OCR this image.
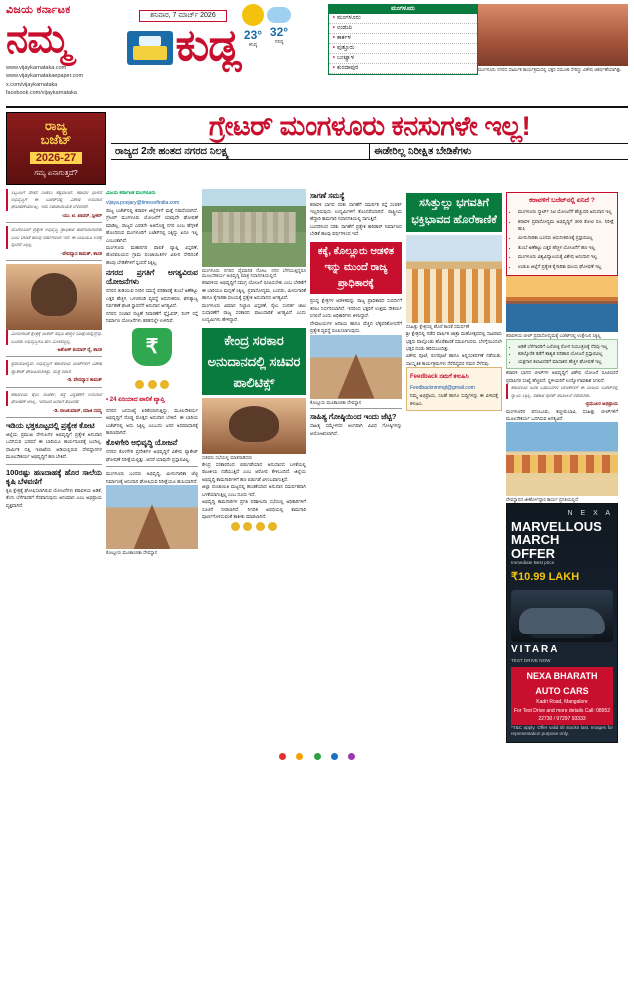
ವಿಜಯ ಕರ್ನಾಟಕ
ನಮ್ಮ
www.vijaykarnataka.com
www.vijaykarnatakaepaper.com
x.com/vijaykarnataka
facebook.com/vijaykarnataka
ಶನಿವಾರ, 7 ಮಾರ್ಚ್ 2026
ಕುಡ್ಲ 23°
ಕನಿಷ್ಠ
32°
ಗರಿಷ್ಠ
ಮಂಗಳೂರು
▸ ಮಂಗಳೂರು
▸ ಉಡುಪಿ
▸ ಕಾರ್ಕಳ
▸ ಪುತ್ತೂರು
▸ ಬಂಟ್ವಾಳ
▸ ಕುಂದಾಪುರ	ಮಂಗಳೂರು ನಗರದ ಧಾರ್ಮಿಕ ಕಾರ್ಯಕ್ರಮದಲ್ಲಿ ಭಕ್ತರ ಸಮೂಹ ಸೇರಿದ್ದು ವಿಶೇಷ ಆಕರ್ಷಣೆಯಾಗಿತ್ತು.
ರಾಜ್ಯ
ಬಜೆಟ್
2026-27
ಗಮ್ಯ ಏನಾಗುತ್ತದೆ?
ಗ್ರೇಟರ್ ಮಂಗಳೂರು ಕನಸುಗಳೇ ಇಲ್ಲ!
ರಾಜ್ಯದ 2ನೇ ಹಂತದ ನಗರದ ನಿಲಕ್ಷ್ಯ	ಈಡೇರಿಲ್ಲ ನಿರೀಕ್ಷಿತ ಬೇಡಿಕೆಗಳು
ಸಿಬ್ಬಂದಿಗೆ ವೇತನ ನೀಡಲು ಕಷ್ಟವಾಗಿದೆ. ಕರಾವಳಿ ಭಾಗದ ಅಭಿವೃದ್ಧಿಗೆ ಈ ಬಜೆಟ್‌ನಲ್ಲಿ ವಿಶೇಷ ಅನುದಾನ ಘೋಷಣೆಯಾಗಿಲ್ಲ. ಇದು ನಿರಾಶಾದಾಯಕ ಬೆಳವಣಿಗೆ.
-ಯು. ಟಿ. ಖಾದರ್, ಸ್ಪೀಕರ್
ಮಂಗಳೂರಿಗೆ ಪ್ರತ್ಯೇಕ ಅಭಿವೃದ್ಧಿ ಪ್ರಾಧಿಕಾರ ರಚನೆಯಾಗಬೇಕು ಎಂಬ ಬೇಡಿಕೆ ಹಲವು ವರ್ಷಗಳಿಂದ ಇದೆ. ಈ ಬಾರಿಯೂ ಅದಕ್ಕೆ ಸ್ಪಂದನೆ ಸಿಕ್ಕಿಲ್ಲ.
-ವೇದವ್ಯಾಸ ಕಾಮತ್, ಶಾಸಕ
ಮೀನುಗಾರಿಕೆ ಕ್ಷೇತ್ರಕ್ಕೆ ಡೀಸೆಲ್ ಸಬ್ಸಿಡಿ ಹೆಚ್ಚಳ ನಿರೀಕ್ಷೆಯಲ್ಲಿದ್ದೆವು. ಬಂದರು ಅಭಿವೃದ್ಧಿಗೂ ಹಣ ಮೀಸಲಿಟ್ಟಿಲ್ಲ.
-ಅಶೋಕ್ ಕುಮಾರ್ ರೈ, ಶಾಸಕ
ಪ್ರವಾಸೋದ್ಯಮ ಅಭಿವೃದ್ಧಿಗೆ ಕರಾವಳಿಯ ಬೀಚ್‌ಗಳಿಗೆ ವಿಶೇಷ ಪ್ಯಾಕೇಜ್ ಘೋಷಿಸಬೇಕಿತ್ತು. ಮತ್ತೆ ನಿರಾಸೆ.
-ಡಿ. ವೇದವ್ಯಾಸ ಕಾಮತ್
ಕರಾವಳಿಯ ರೈಲು ಸಂಪರ್ಕ, ರಸ್ತೆ ವಿಸ್ತರಣೆಗೆ ಅನುದಾನ ಘೋಷಣೆ ಆಗಿಲ್ಲ. ಇದರಿಂದ ಜನರಿಗೆ ತೊಂದರೆ.
-ಡಿ. ರಾಜಕುಮಾರ್, ಮಾಜಿ ಸದಸ್ಯ
ಇಡಿಯ ಭಕ್ತಕೂಟ್ಟದಲ್ಲಿ ಪ್ರತ್ಯೇಕ ಕೋಟಿ
ಜಿಲ್ಲೆಯ ಪ್ರಮುಖ ದೇಗುಲಗಳ ಅಭಿವೃದ್ಧಿಗೆ ಪ್ರತ್ಯೇಕ ಅನುದಾನ ಒದಗಿಸುವ ಭರವಸೆ ಈ ಬಾರಿಯೂ ಕಾರ್ಯರೂಪಕ್ಕೆ ಬಂದಿಲ್ಲ. ಧಾರ್ಮಿಕ ದತ್ತಿ ಇಲಾಖೆಯ ಅಡಿಯಲ್ಲಿರುವ ದೇವಸ್ಥಾನಗಳ ಮೂಲಸೌಕರ್ಯ ಅಭಿವೃದ್ಧಿಗೆ ಹಣ ಬೇಕಿದೆ.
100ರಷ್ಟು ಹಣದಾಹಕ್ಕೆ ಹೊರ ಸಾಲೆಯ ಕೃಷಿ ಬೆಳವಣಿಗೆ
ಕೃಷಿ ಕ್ಷೇತ್ರಕ್ಕೆ ಘೋಷಿಸಲಾಗಿರುವ ಯೋಜನೆಗಳು ಕರಾವಳಿಯ ಅಡಿಕೆ, ತೆಂಗು ಬೆಳೆಗಾರರಿಗೆ ನೆರವಾಗುವುದು ಅನುಮಾನ ಎಂಬ ಅಭಿಪ್ರಾಯ ವ್ಯಕ್ತವಾಗಿದೆ.
ವಿಜಯ ಕರ್ನಾಟಕ ಮಂಗಳೂರು
vijaya.poojary@timesofindia.com
ರಾಜ್ಯ ಬಜೆಟ್‌ನಲ್ಲಿ ಕರಾವಳಿ ಜಿಲ್ಲೆಗಳಿಗೆ ಮತ್ತೆ ನಿರಾಸೆಯಾಗಿದೆ. ಗ್ರೇಟರ್ ಮಂಗಳೂರು ಯೋಜನೆಗೆ ಯಾವುದೇ ಘೋಷಣೆ ಮಾಡಿಲ್ಲ. ರಾಜ್ಯದ ಎರಡನೇ ಅತಿದೊಡ್ಡ ನಗರ ಎಂಬ ಹೆಗ್ಗಳಿಕೆ ಹೊಂದಿರುವ ಮಂಗಳೂರಿಗೆ ಬಜೆಟ್‌ನಲ್ಲಿ ಸಿಕ್ಕಿದ್ದು ಏನೂ ಇಲ್ಲ ಎಂಬಂತಾಗಿದೆ.
ಮಂಗಳೂರು ಮಹಾನಗರ ಪಾಲಿಕೆ ವ್ಯಾಪ್ತಿ ವಿಸ್ತರಣೆ, ಹೊರವಲಯದ ಗ್ರಾಮ ಪಂಚಾಯಿತಿಗಳ ವಿಲೀನ ಸೇರಿದಂತೆ ಹಲವು ಬೇಡಿಕೆಗಳಿಗೆ ಸ್ಪಂದನೆ ಸಿಕ್ಕಿಲ್ಲ.
ನಗರದ ಪ್ರಗತಿಗೆ ಅಗತ್ಯವಿರುವ ಯೋಜನೆಗಳು
ನಗರದ ಕುಡಿಯುವ ನೀರಿನ ಸಮಸ್ಯೆ ಪರಿಹಾರಕ್ಕೆ ತುಂಬೆ ಅಣೆಕಟ್ಟು ಎತ್ತರ ಹೆಚ್ಚಳ, ಒಳಚರಂಡಿ ವ್ಯವಸ್ಥೆ ಆಧುನೀಕರಣ, ಘನತ್ಯಾಜ್ಯ ನಿರ್ವಹಣೆ ಘಟಕ ಸ್ಥಾಪನೆಗೆ ಅನುದಾನ ಅಗತ್ಯವಿದೆ.
ನಗರದ ಸಂಚಾರ ದಟ್ಟಣೆ ನಿವಾರಣೆಗೆ ಫ್ಲೈಓವರ್, ರಿಂಗ್ ರಸ್ತೆ ನಿರ್ಮಾಣ ಯೋಜನೆಗಳು ಕಡತದಲ್ಲೇ ಉಳಿದಿವೆ.
₹

• 24 ಏರಿಯಾದ ಪಾಲಿಕೆ ವ್ಯಾಪ್ತಿ
ನಗರದ ಜನಸಂಖ್ಯೆ ಏರಿಕೆಯಾಗುತ್ತಿದ್ದು, ಮೂಲಸೌಕರ್ಯ ಅಭಿವೃದ್ಧಿಗೆ ದೊಡ್ಡ ಮೊತ್ತದ ಅನುದಾನ ಬೇಕಿದೆ. ಈ ಬಾರಿಯ ಬಜೆಟ್‌ನಲ್ಲಿ ಅದು ಸಿಕ್ಕಿಲ್ಲ ಎಂಬುದು ಜನರ ಅಸಮಾಧಾನಕ್ಕೆ ಕಾರಣವಾಗಿದೆ.
ಕೊಳಗೇರಿ ಅಭಿವೃದ್ಧಿ ಯೋಜನೆ
ನಗರದ ಕೊಳಗೇರಿ ಪ್ರದೇಶಗಳ ಅಭಿವೃದ್ಧಿಗೆ ವಿಶೇಷ ಪ್ಯಾಕೇಜ್ ಘೋಷಣೆ ನಿರೀಕ್ಷೆಯಲ್ಲಿತ್ತು. ಆದರೆ ಯಾವುದೇ ಪ್ರಸ್ತಾಪವಿಲ್ಲ.
ಮಂಗಳೂರು ಬಂದರು ಅಭಿವೃದ್ಧಿ, ಮೀನುಗಾರಿಕಾ ಜೆಟ್ಟಿ ನಿರ್ಮಾಣಕ್ಕೆ ಅನುದಾನ ಘೋಷಿಸುವ ನಿರೀಕ್ಷೆಯೂ ಹುಸಿಯಾಗಿದೆ.
ಕೊಲ್ಲೂರು ಮೂಕಾಂಬಿಕಾ ದೇವಸ್ಥಾನ
ಮಂಗಳೂರು ನಗರದ ವೈಮಾನಿಕ ನೋಟ. ನಗರ ಬೆಳೆಯುತ್ತಿದ್ದರೂ ಮೂಲಸೌಕರ್ಯ ಅಭಿವೃದ್ಧಿ ಮಾತ್ರ ನಿಧಾನಗತಿಯಲ್ಲಿದೆ.
ಕರಾವಳಿಯ ಅಭಿವೃದ್ಧಿಗೆ ಸಮಗ್ರ ಯೋಜನೆ ರೂಪಿಸಬೇಕು ಎಂಬ ಬೇಡಿಕೆಗೆ ಈ ಬಾರಿಯೂ ಮನ್ನಣೆ ಸಿಕ್ಕಿಲ್ಲ. ಪ್ರವಾಸೋದ್ಯಮ, ಬಂದರು, ಮೀನುಗಾರಿಕೆ ಹಾಗೂ ಕೈಗಾರಿಕಾ ವಲಯಕ್ಕೆ ಪ್ರತ್ಯೇಕ ಅನುದಾನದ ಅಗತ್ಯವಿದೆ.
ಮಂಗಳೂರು ವಿಮಾನ ನಿಲ್ದಾಣ ವಿಸ್ತರಣೆ, ರೈಲು ಸಂಪರ್ಕ ಜಾಲ ಸುಧಾರಣೆಗೆ ರಾಜ್ಯ ಸರಕಾರದ ಪಾಲುದಾರಿಕೆ ಅಗತ್ಯವಿದೆ ಎಂದು ಉದ್ಯಮಿಗಳು ಹೇಳಿದ್ದಾರೆ.
ಕೇಂದ್ರ ಸರಕಾರ ಅನುದಾನದಲ್ಲಿ ಸಚಿವರ ಪಾಲಿಟಿಕ್ಸ್
ಸಚಿವರು ಸಭೆಯಲ್ಲಿ ಮಾತನಾಡಿದರು
ಕೇಂದ್ರ ಸರಕಾರದಿಂದ ಬಿಡುಗಡೆಯಾದ ಅನುದಾನದ ಬಳಕೆಯಲ್ಲಿ ರಾಜಕೀಯ ನಡೆಯುತ್ತಿದೆ ಎಂಬ ಆರೋಪ ಕೇಳಿಬಂದಿದೆ. ಜಿಲ್ಲೆಯ ಅಭಿವೃದ್ಧಿ ಕಾಮಗಾರಿಗಳಿಗೆ ಹಣ ಬಿಡುಗಡೆ ವಿಳಂಬವಾಗುತ್ತಿದೆ.
ಜಿಲ್ಲಾ ಪಂಚಾಯಿತಿ ಮಟ್ಟದಲ್ಲಿ ಹಂಚಿಕೆಯಾದ ಅನುದಾನ ಸಮರ್ಪಕವಾಗಿ ಬಳಕೆಯಾಗುತ್ತಿಲ್ಲ ಎಂಬ ದೂರು ಇದೆ.
ಅಭಿವೃದ್ಧಿ ಕಾಮಗಾರಿಗಳ ಪ್ರಗತಿ ಪರಿಶೀಲನಾ ಸಭೆಯಲ್ಲಿ ಅಧಿಕಾರಿಗಳಿಗೆ ಸೂಚನೆ ನೀಡಲಾಗಿದೆ. ನಿಗದಿತ ಅವಧಿಯಲ್ಲಿ ಕಾಮಗಾರಿ ಪೂರ್ಣಗೊಳಿಸುವಂತೆ ತಾಕೀತು ಮಾಡಲಾಗಿದೆ.

ಸಾಗಣೆ ಸಮಸ್ಯೆ
ಕರಾವಳಿ ಭಾಗದ ಸರಕು ಸಾಗಣೆಗೆ ಸಮರ್ಪಕ ರಸ್ತೆ ಸಂಪರ್ಕ ಇಲ್ಲದಿರುವುದು ಉದ್ಯಮಿಗಳಿಗೆ ತೊಂದರೆಯಾಗಿದೆ. ರಾಷ್ಟ್ರೀಯ ಹೆದ್ದಾರಿ ಕಾಮಗಾರಿ ನಿಧಾನಗತಿಯಲ್ಲಿ ಸಾಗುತ್ತಿದೆ.
ಬಂದರಿನಿಂದ ಸರಕು ಸಾಗಣೆಗೆ ಪ್ರತ್ಯೇಕ ಕಾರಿಡಾರ್ ನಿರ್ಮಾಣದ ಬೇಡಿಕೆ ಹಲವು ವರ್ಷಗಳಿಂದ ಇದೆ.
ಕಕ್ಕೆ, ಕೊಲ್ಲೂರು ಆಡಳಿತ ಇನ್ನು ಮುಂದೆ ರಾಜ್ಯ ಪ್ರಾಧಿಕಾರಕ್ಕೆ
ಪ್ರಸಿದ್ಧ ಕ್ಷೇತ್ರಗಳ ಆಡಳಿತವನ್ನು ರಾಜ್ಯ ಪ್ರಾಧಿಕಾರದ ಸುಪರ್ದಿಗೆ ತರಲು ನಿರ್ಧರಿಸಲಾಗಿದೆ. ಇದರಿಂದ ಭಕ್ತರಿಗೆ ಉತ್ತಮ ಸೌಕರ್ಯ ಸಿಗಲಿದೆ ಎಂದು ಅಧಿಕಾರಿಗಳು ತಿಳಿಸಿದ್ದಾರೆ.
ದೇವಾಲಯಗಳ ಆದಾಯ ಹಾಗೂ ವೆಚ್ಚದ ಲೆಕ್ಕಪರಿಶೋಧನೆಗೆ ಪ್ರತ್ಯೇಕ ವ್ಯವಸ್ಥೆ ರೂಪಿಸಲಾಗುವುದು.
ಕೊಲ್ಲೂರು ಮೂಕಾಂಬಿಕಾ ದೇವಸ್ಥಾನ
ಸಾಹಿತ್ಯ ಗೋಷ್ಠಿಯಿಂದ ಇಂದು ಜೆಟ್ಟಿ?
ಸಾಹಿತ್ಯ ಸಮ್ಮೇಳನದ ಅಂಗವಾಗಿ ವಿವಿಧ ಗೋಷ್ಠಿಗಳನ್ನು ಆಯೋಜಿಸಲಾಗಿದೆ.
ಸಸಿತ್ತುಲ್ಲು ಭಗವತಿಗೆ ಭಕ್ತಿಭಾವದ ಹೊರೆಕಾಣಿಕೆ
ಸಸಿಹಿತ್ಲು ಕ್ಷೇತ್ರದಲ್ಲಿ ಹೊರೆ ಕಾಣಿಕೆ ಸಮರ್ಪಣೆ
ಶ್ರೀ ಕ್ಷೇತ್ರದಲ್ಲಿ ನಡೆದ ವಾರ್ಷಿಕ ಜಾತ್ರಾ ಮಹೋತ್ಸವದಲ್ಲಿ ಸಾವಿರಾರು ಭಕ್ತರು ಪಾಲ್ಗೊಂಡು ಹೊರೆಕಾಣಿಕೆ ಸಮರ್ಪಿಸಿದರು. ಬೆಳಗ್ಗೆಯಿಂದಲೇ ಭಕ್ತರ ದಂಡು ಹರಿದುಬಂದಿತ್ತು.
ವಿಶೇಷ ಪೂಜೆ, ರಂಗಪೂಜೆ ಹಾಗೂ ಅನ್ನಸಂತರ್ಪಣೆ ನಡೆಯಿತು. ಸಾಂಸ್ಕೃತಿಕ ಕಾರ್ಯಕ್ರಮಗಳು ನೆರೆದಿದ್ದವರ ಗಮನ ಸೆಳೆದವು.
Feedback ನಮಗೆ ಕಳುಹಿಸಿ
Feedbacknmmgl@gmail.com
ನಿಮ್ಮ ಅಭಿಪ್ರಾಯ, ಸಲಹೆ ಹಾಗೂ ಸುದ್ದಿಗಳನ್ನು ಈ ವಿಳಾಸಕ್ಕೆ ಕಳುಹಿಸಿ.
ಕರಾವಳಿಗೆ ಬಜೆಟ್‌ನಲ್ಲಿ ಏನಿದೆ ?
• ಮಂಗಳೂರು ಸ್ಮಾರ್ಟ್ ಸಿಟಿ ಯೋಜನೆಗೆ ಹೆಚ್ಚುವರಿ ಅನುದಾನ ಇಲ್ಲ
• ಕರಾವಳಿ ಪ್ರವಾಸೋದ್ಯಮ ಅಭಿವೃದ್ಧಿಗೆ 300 ಕೋಟಿ ರೂ. ನಿರೀಕ್ಷೆ ಹುಸಿ
• ಮೀನುಗಾರಿಕಾ ಬಂದರು ಆಧುನೀಕರಣಕ್ಕೆ ಪ್ರಸ್ತಾಪವಿಲ್ಲ
• ತುಂಬೆ ಅಣೆಕಟ್ಟು ಎತ್ತರ ಹೆಚ್ಚಳ ಯೋಜನೆಗೆ ಹಣ ಇಲ್ಲ
• ಮಂಗಳೂರು ವಿಶ್ವವಿದ್ಯಾಲಯಕ್ಕೆ ವಿಶೇಷ ಅನುದಾನ ಇಲ್ಲ
• ಉಡುಪಿ ಜಿಲ್ಲೆಗೆ ಪ್ರತ್ಯೇಕ ಕೈಗಾರಿಕಾ ವಲಯ ಘೋಷಣೆ ಇಲ್ಲ
ಕರಾವಳಿಯ ಬೀಚ್ ಪ್ರವಾಸೋದ್ಯಮಕ್ಕೆ ಬಜೆಟ್‌ನಲ್ಲಿ ಉತ್ತೇಜನ ಸಿಕ್ಕಿಲ್ಲ
• ಅಡಿಕೆ ಬೆಳೆಗಾರರಿಗೆ ಎಲೆಚುಕ್ಕಿ ರೋಗ ನಿಯಂತ್ರಣಕ್ಕೆ ನೆರವು ಇಲ್ಲ
• ಕಡಲ್ಕೊರೆತ ತಡೆಗೆ ಶಾಶ್ವತ ಪರಿಹಾರ ಯೋಜನೆ ಪ್ರಸ್ತಾಪವಿಲ್ಲ
• ಯಕ್ಷಗಾನ ಕಲಾವಿದರಿಗೆ ಮಾಸಾಶನ ಹೆಚ್ಚಳ ಘೋಷಣೆ ಇಲ್ಲ
ಕರಾವಳಿ ಭಾಗದ ಬೀಚ್‌ಗಳ ಅಭಿವೃದ್ಧಿಗೆ ವಿಶೇಷ ಯೋಜನೆ ರೂಪಿಸಿದರೆ ಪ್ರವಾಸಿಗರ ಸಂಖ್ಯೆ ಹೆಚ್ಚಲಿದೆ. ಸ್ಥಳೀಯರಿಗೆ ಉದ್ಯೋಗಾವಕಾಶ ಸಿಗಲಿದೆ.
ಕರಾವಳಿಯ ಜನರ ಬಹುದಿನಗಳ ಬೇಡಿಕೆಗಳಿಗೆ ಈ ಬಾರಿಯ ಬಜೆಟ್‌ನಲ್ಲಿ ನ್ಯಾಯ ಸಿಕ್ಕಿಲ್ಲ. ಸರಕಾರ ಪುನರ್ ಪರಿಶೀಲನೆ ನಡೆಸಬೇಕು.
-ಪ್ರಮುಖರ ಅಭಿಪ್ರಾಯ
ಮಂಗಳೂರಿನ ಪನಂಬೂರು, ತಣ್ಣೀರುಬಾವಿ, ಸಸಿಹಿತ್ಲು ಬೀಚ್‌ಗಳಿಗೆ ಮೂಲಸೌಕರ್ಯ ಒದಗಿಸುವ ಅಗತ್ಯವಿದೆ.
ದೇವಸ್ಥಾನದ ಜೀರ್ಣೋದ್ಧಾರ ಕಾರ್ಯ ಪ್ರಗತಿಯಲ್ಲಿದೆ
N E X A
MARVELLOUS
MARCH
OFFER
Immediate Best price
₹10.99 LAKH
VITARA
TEST DRIVE NOW
NEXA BHARATH AUTO CARS
Kadri Road, Mangalore
For Test Drive and more details Call: 08952 22730 / 97297 93333
*T&C apply. Offer valid till stocks last. Images for representation purpose only.
